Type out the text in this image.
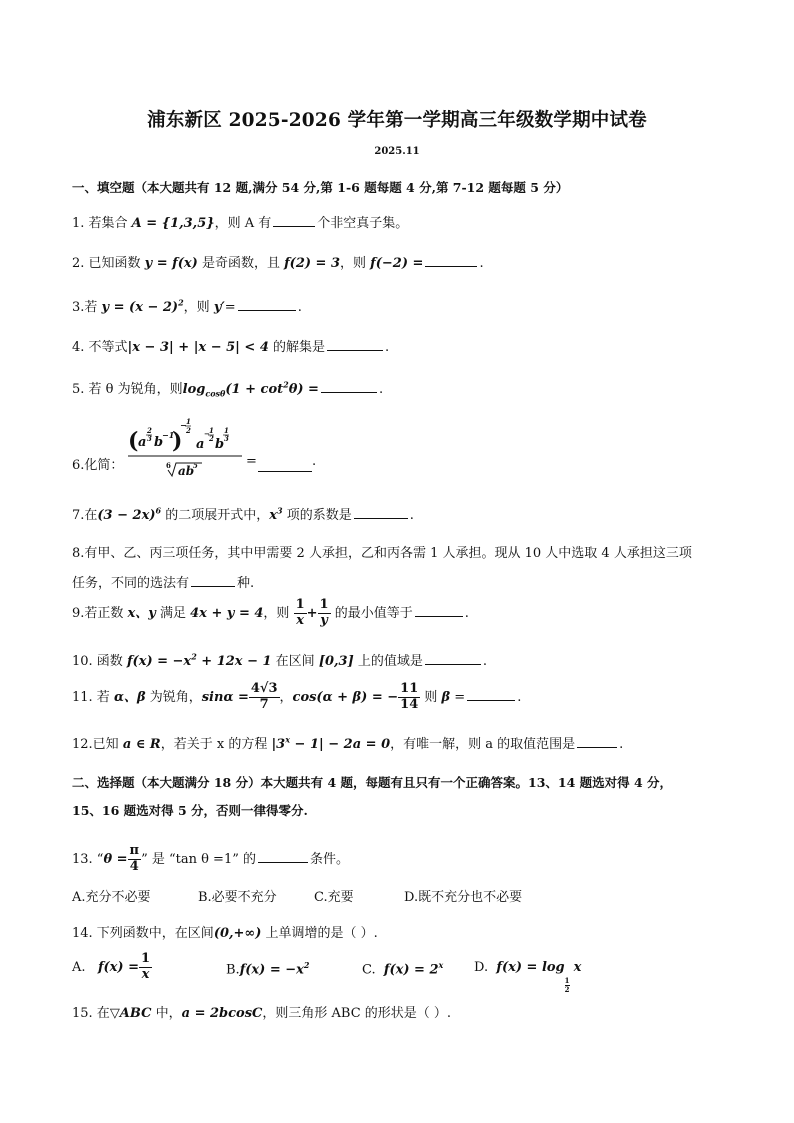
浦东新区 2025-2026 学年第一学期高三年级数学期中试卷
2025.11
一、填空题（本大题共有 12 题,满分 54 分,第 1-6 题每题 4 分,第 7-12 题每题 5 分）
1. 若集合 A = {1,3,5}，则 A 有	个非空真子集。
2. 已知函数 y = f(x) 是奇函数，且 f(2) = 3，则 f(−2) =	.
3.若 $y = (x - 2)^2$，则 y′=	.
4. 不等式|x − 3| + |x − 5| < 4 的解集是	.
5. 若 θ 为锐角，则$\log_{cos\theta}(1 + \cot^2\theta)$ =	.
6.化简：
( a
2
3 b
−1
)
− 1
2
a
− 1
2 b
1
3
6 ab
5	=	.
7.在$(3 - 2x)^6$ 的二项展开式中，$x^3$ 项的系数是	.
8.有甲、乙、丙三项任务，其中甲需要 2 人承担，乙和丙各需 1 人承担。现从 10 人中选取 4 人承担这三项
任务，不同的选法有	种.
9.若正数 x、y 满足 4x + y = 4，则 $\frac{1}{x} + \frac{1}{y}$ 的最小值等于	.
10. 函数 $f(x) = -x^2 + 12x - 1$ 在区间 [0,3] 上的值域是	.
11. 若 α、β 为锐角，$\sin\alpha = \frac{4√3}{7}$ ，cos(α + β) = − $\frac{11}{14}$ 则 β =	.
12.已知 a ∈ R，若关于 x 的方程 $|3^x - 1| - 2a = 0$，有唯一解，则 a 的取值范围是	.
二、选择题（本大题满分 18 分）本大题共有 4 题，每题有且只有一个正确答案。13、14 题选对得 4 分，
15、16 题选对得 5 分，否则一律得零分.
13. “$\theta = \frac{\pi}{4}$ ” 是 “tan θ =1” 的	条件。
A.充分不必要	B.必要不充分	C.充要	D.既不充分也不必要
14. 下列函数中，在区间(0,+∞) 上单调增的是（ ）.
A. $f(x) = \frac{1}{x}$	$B.f(x) = -x^2$	C. $f(x) = 2^x$ D. f(x) = log
$\frac{1}{2}$
x
15. 在▽ABC 中，a = 2bcosC，则三角形 ABC 的形状是（ ）.
